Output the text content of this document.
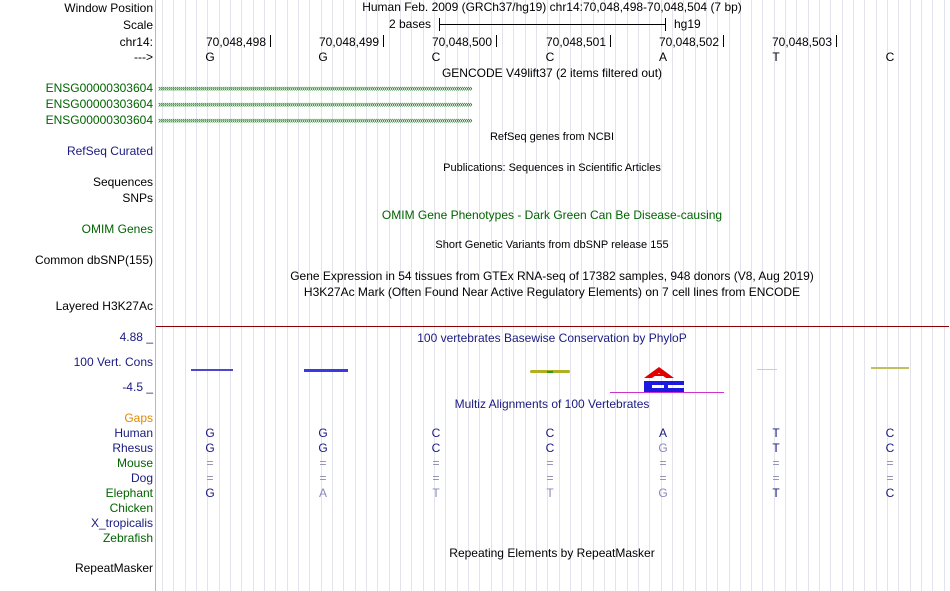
Window Position	Human Feb. 2009 (GRCh37/hg19) chr14:70,048,498-70,048,504 (7 bp)
Scale	2 bases	hg19
chr14:	70,048,498	70,048,499	70,048,500	70,048,501	70,048,502	70,048,503
--->	G	G	C	C	A	T	C
GENCODE V49lift37 (2 items filtered out)
ENSG00000303604 ›››››››››››››››››››››››››››››››››››››››››››››››››››››››››››››››››››››››››››››››››››››››››››››››››››››››››››››››››››››››››››››››››››››››››››››››››››››››››››››
ENSG00000303604 ›››››››››››››››››››››››››››››››››››››››››››››››››››››››››››››››››››››››››››››››››››››››››››››››››››››››››››››››››››››››››››››››››››››››››››››››››››››››››››››
ENSG00000303604 ›››››››››››››››››››››››››››››››››››››››››››››››››››››››››››››››››››››››››››››››››››››››››››››››››››››››››››››››››››››››››››››››››››››››››››››››››››››››››››››
RefSeq genes from NCBI
RefSeq Curated
Publications: Sequences in Scientific Articles
Sequences
SNPs
OMIM Gene Phenotypes - Dark Green Can Be Disease-causing
OMIM Genes
Short Genetic Variants from dbSNP release 155
Common dbSNP(155)
Gene Expression in 54 tissues from GTEx RNA-seq of 17382 samples, 948 donors (V8, Aug 2019)
H3K27Ac Mark (Often Found Near Active Regulatory Elements) on 7 cell lines from ENCODE
Layered H3K27Ac
100 vertebrates Basewise Conservation by PhyloP
4.88 _
100 Vert. Cons
-4.5 _
Multiz Alignments of 100 Vertebrates
Gaps
Human	G	G	C	C	A	T	C
Rhesus	G	G	C	C	G	T	C
Mouse	=	=	=	=	=	=	=
Dog	=	=	=	=	=	=	=
Elephant	G	A	T	T	G	T	C
Chicken
X_tropicalis
Zebrafish
Repeating Elements by RepeatMasker
RepeatMasker
